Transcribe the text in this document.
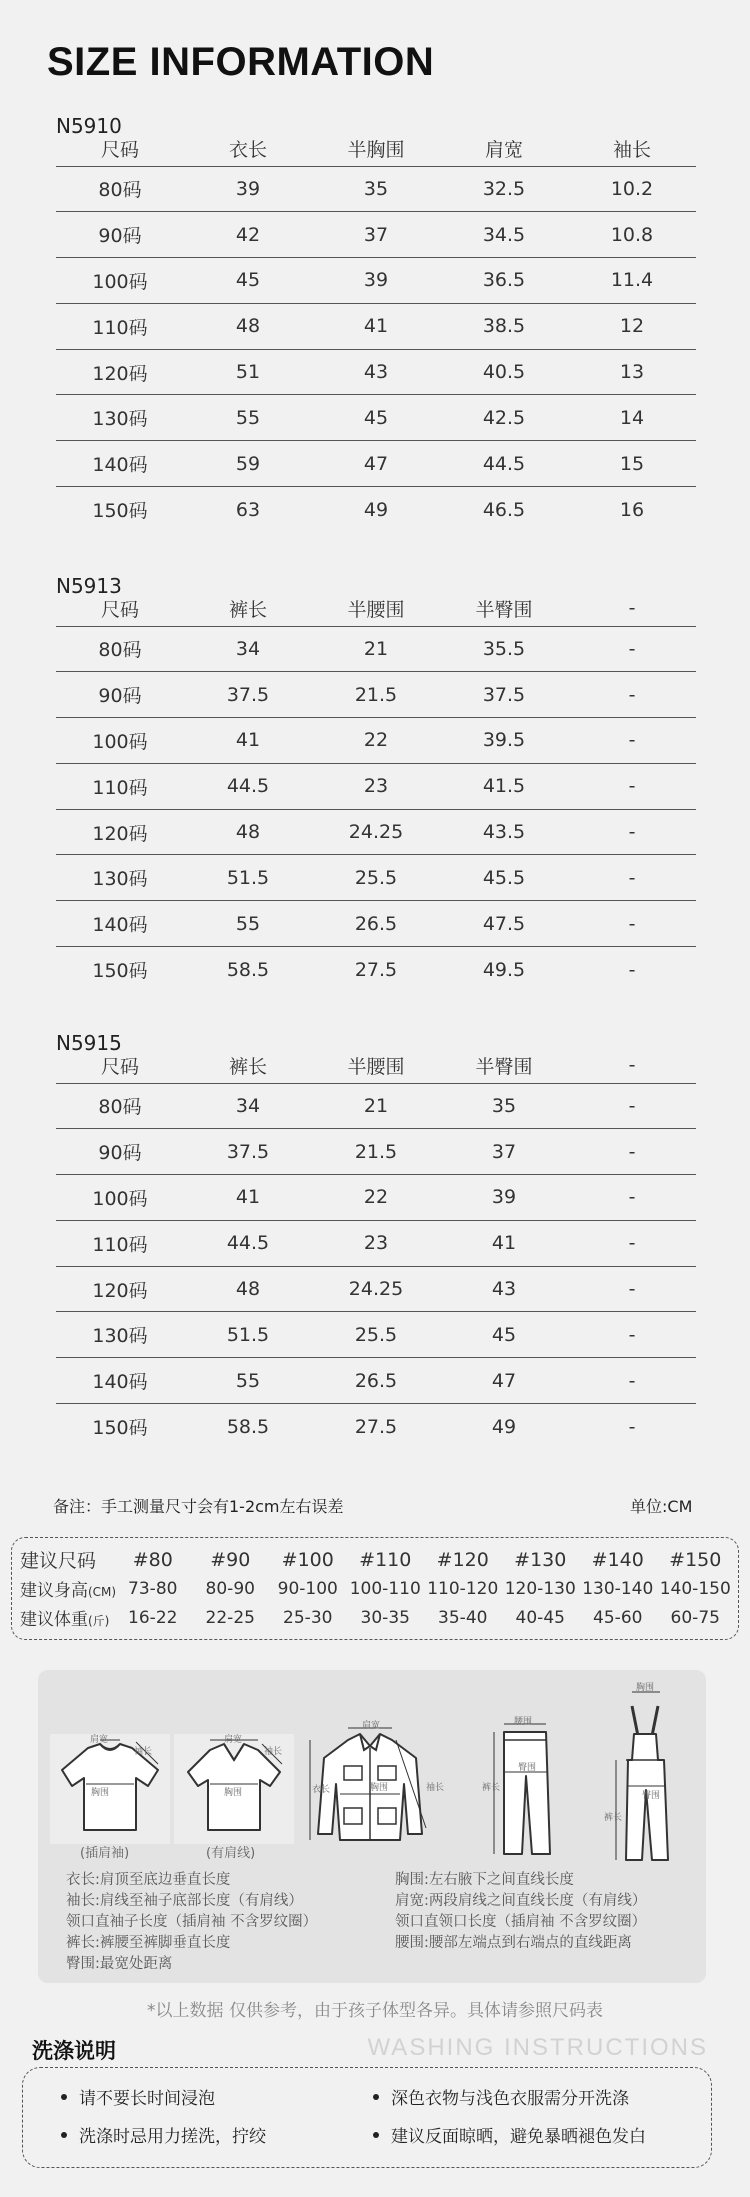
SIZE INFORMATION
N5910
尺码	衣长	半胸围	肩宽	袖长
80码	39	35	32.5	10.2
90码	42	37	34.5	10.8
100码	45	39	36.5	11.4
110码	48	41	38.5	12
120码	51	43	40.5	13
130码	55	45	42.5	14
140码	59	47	44.5	15
150码	63	49	46.5	16
N5913
尺码	裤长	半腰围	半臀围	-
80码	34	21	35.5	-
90码	37.5	21.5	37.5	-
100码	41	22	39.5	-
110码	44.5	23	41.5	-
120码	48	24.25	43.5	-
130码	51.5	25.5	45.5	-
140码	55	26.5	47.5	-
150码	58.5	27.5	49.5	-
N5915
尺码	裤长	半腰围	半臀围	-
80码	34	21	35	-
90码	37.5	21.5	37	-
100码	41	22	39	-
110码	44.5	23	41	-
120码	48	24.25	43	-
130码	51.5	25.5	45	-
140码	55	26.5	47	-
150码	58.5	27.5	49	-
备注：手工测量尺寸会有1-2cm左右误差	单位:CM
建议尺码	#80	#90	#100	#110	#120	#130	#140	#150
建议身高(CM)	73-80	80-90	90-100	100-110	110-120	120-130	130-140	140-150
建议体重(斤)	16-22	22-25	25-30	30-35	35-40	40-45	45-60	60-75
肩宽
袖长
胸围
(插肩袖)
肩宽
袖长
胸围
(有肩线)
肩宽
衣长	胸围	袖长
腰围
裤长
臀围
胸围
裤长
臀围
衣长:肩顶至底边垂直长度
袖长:肩线至袖子底部长度（有肩线）
领口直袖子长度（插肩袖 不含罗纹圈）
裤长:裤腰至裤脚垂直长度
臀围:最宽处距离
胸围:左右腋下之间直线长度
肩宽:两段肩线之间直线长度（有肩线）
领口直领口长度（插肩袖 不含罗纹圈）
腰围:腰部左端点到右端点的直线距离
*以上数据 仅供参考，由于孩子体型各异。具体请参照尺码表
洗涤说明	WASHING INSTRUCTIONS
请不要长时间浸泡	深色衣物与浅色衣服需分开洗涤
洗涤时忌用力搓洗，拧绞	建议反面晾晒，避免暴晒褪色发白
